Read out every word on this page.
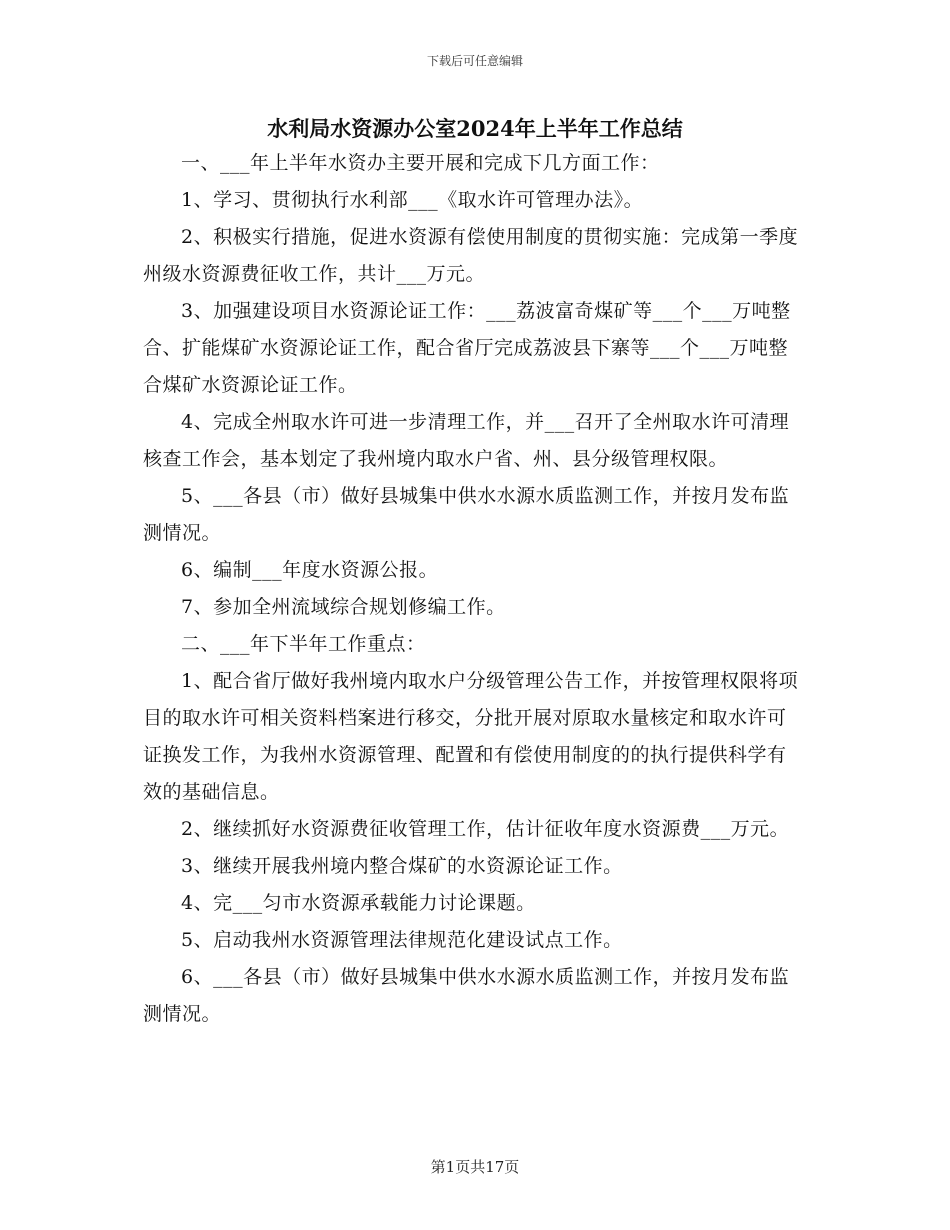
下载后可任意编辑
水利局水资源办公室2024年上半年工作总结

一、___年上半年水资办主要开展和完成下几方面工作：

1、学习、贯彻执行水利部___《取水许可管理办法》。

2、积极实行措施，促进水资源有偿使用制度的贯彻实施：完成第一季度州级水资源费征收工作，共计___万元。

3、加强建设项目水资源论证工作：___荔波富奇煤矿等___个___万吨整合、扩能煤矿水资源论证工作，配合省厅完成荔波县下寨等___个___万吨整合煤矿水资源论证工作。

4、完成全州取水许可进一步清理工作，并___召开了全州取水许可清理核查工作会，基本划定了我州境内取水户省、州、县分级管理权限。

5、___各县（市）做好县城集中供水水源水质监测工作，并按月发布监测情况。

6、编制___年度水资源公报。

7、参加全州流域综合规划修编工作。

二、___年下半年工作重点：

1、配合省厅做好我州境内取水户分级管理公告工作，并按管理权限将项目的取水许可相关资料档案进行移交，分批开展对原取水量核定和取水许可证换发工作，为我州水资源管理、配置和有偿使用制度的的执行提供科学有效的基础信息。

2、继续抓好水资源费征收管理工作，估计征收年度水资源费___万元。

3、继续开展我州境内整合煤矿的水资源论证工作。

4、完___匀市水资源承载能力讨论课题。

5、启动我州水资源管理法律规范化建设试点工作。

6、___各县（市）做好县城集中供水水源水质监测工作，并按月发布监测情况。

第1页共17页
